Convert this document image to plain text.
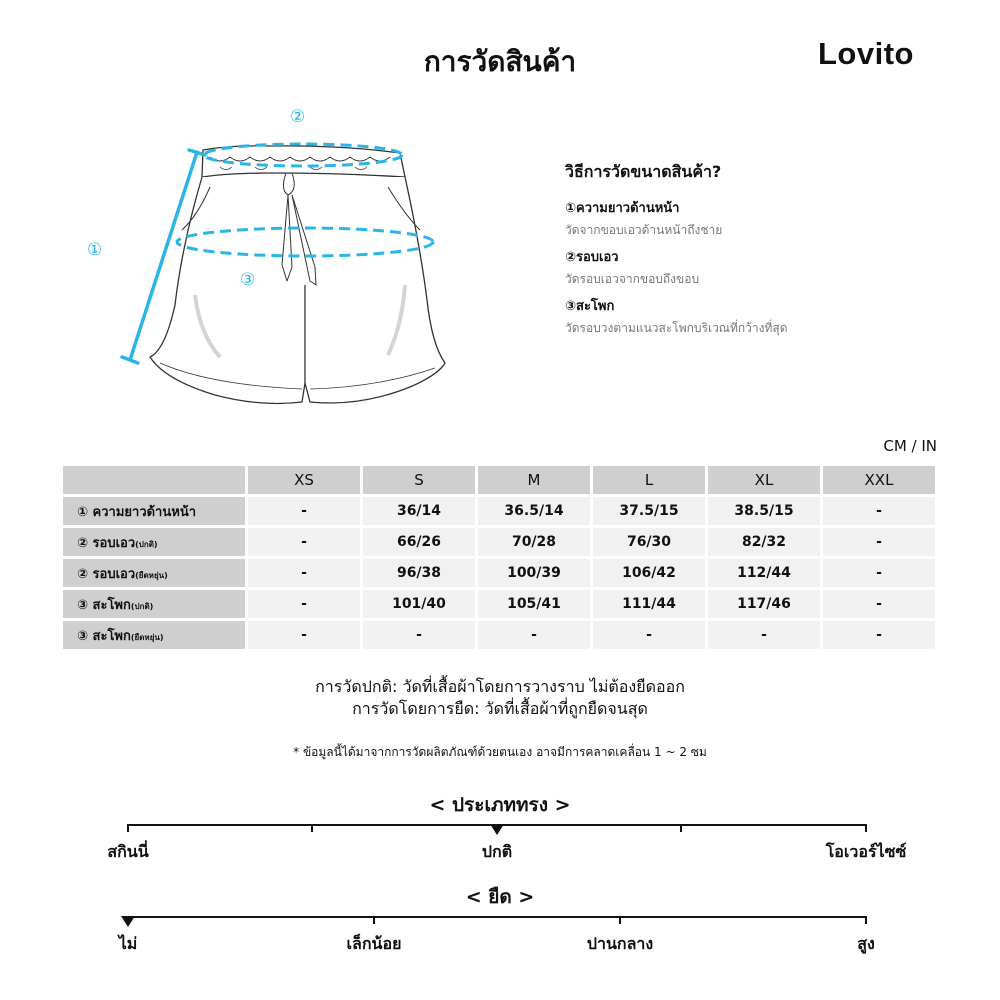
การวัดสินค้า	Lovito
①
②
③
วิธีการวัดขนาดสินค้า?
①ความยาวด้านหน้า
วัดจากขอบเอวด้านหน้าถึงชาย
②รอบเอว
วัดรอบเอวจากขอบถึงขอบ
③สะโพก
วัดรอบวงตามแนวสะโพกบริเวณที่กว้างที่สุด
CM / IN
	XS	S	M	L	XL	XXL
① ความยาวด้านหน้า	-	36/14	36.5/14	37.5/15	38.5/15	-
② รอบเอว(ปกติ)	-	66/26	70/28	76/30	82/32	-
② รอบเอว(ยืดหยุ่น)	-	96/38	100/39	106/42	112/44	-
③ สะโพก(ปกติ)	-	101/40	105/41	111/44	117/46	-
③ สะโพก(ยืดหยุ่น)	-	-	-	-	-	-
การวัดปกติ: วัดที่เสื้อผ้าโดยการวางราบ ไม่ต้องยืดออก
การวัดโดยการยืด: วัดที่เสื้อผ้าที่ถูกยืดจนสุด
* ข้อมูลนี้ได้มาจากการวัดผลิตภัณฑ์ด้วยตนเอง อาจมีการคลาดเคลื่อน 1 ~ 2 ซม
< ประเภททรง >
สกินนี่	ปกติ	โอเวอร์ไซซ์
< ยืด >
ไม่	เล็กน้อย	ปานกลาง	สูง
